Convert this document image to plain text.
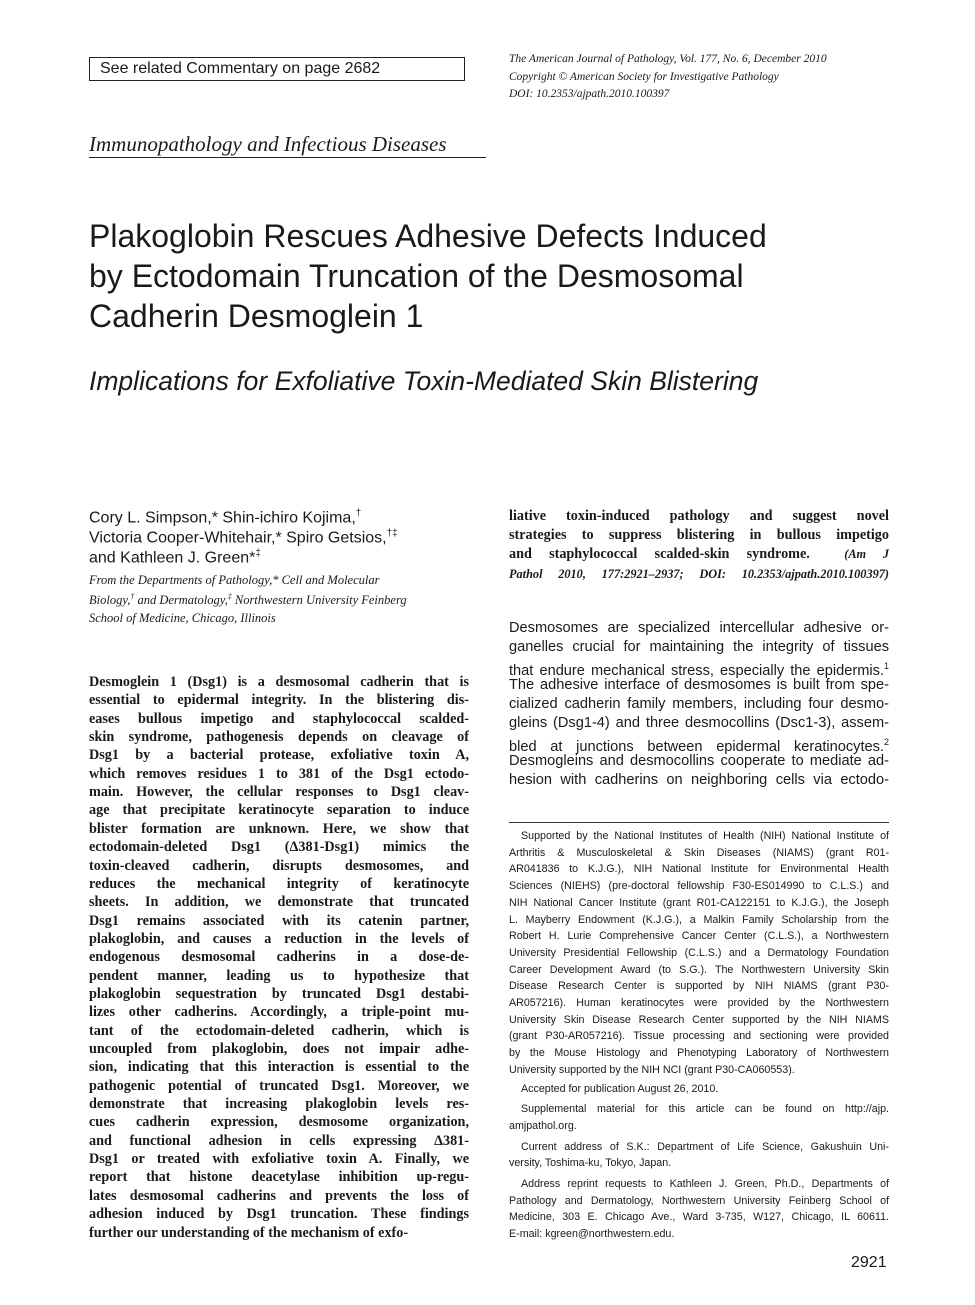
See related Commentary on page 2682
The American Journal of Pathology, Vol. 177, No. 6, December 2010
Copyright © American Society for Investigative Pathology
DOI: 10.2353/ajpath.2010.100397
Immunopathology and Infectious Diseases
Plakoglobin Rescues Adhesive Defects Induced
by Ectodomain Truncation of the Desmosomal
Cadherin Desmoglein 1
Implications for Exfoliative Toxin-Mediated Skin Blistering
Cory L. Simpson,* Shin-ichiro Kojima,†
Victoria Cooper-Whitehair,* Spiro Getsios,†‡
and Kathleen J. Green*‡
From the Departments of Pathology,* Cell and Molecular
Biology,† and Dermatology,‡ Northwestern University Feinberg
School of Medicine, Chicago, Illinois
Desmoglein 1 (Dsg1) is a desmosomal cadherin that is
essential to epidermal integrity. In the blistering dis-
eases bullous impetigo and staphylococcal scalded-
skin syndrome, pathogenesis depends on cleavage of
Dsg1 by a bacterial protease, exfoliative toxin A,
which removes residues 1 to 381 of the Dsg1 ectodo-
main. However, the cellular responses to Dsg1 cleav-
age that precipitate keratinocyte separation to induce
blister formation are unknown. Here, we show that
ectodomain-deleted Dsg1 (Δ381-Dsg1) mimics the
toxin-cleaved cadherin, disrupts desmosomes, and
reduces the mechanical integrity of keratinocyte
sheets. In addition, we demonstrate that truncated
Dsg1 remains associated with its catenin partner,
plakoglobin, and causes a reduction in the levels of
endogenous desmosomal cadherins in a dose-de-
pendent manner, leading us to hypothesize that
plakoglobin sequestration by truncated Dsg1 destabi-
lizes other cadherins. Accordingly, a triple-point mu-
tant of the ectodomain-deleted cadherin, which is
uncoupled from plakoglobin, does not impair adhe-
sion, indicating that this interaction is essential to the
pathogenic potential of truncated Dsg1. Moreover, we
demonstrate that increasing plakoglobin levels res-
cues cadherin expression, desmosome organization,
and functional adhesion in cells expressing Δ381-
Dsg1 or treated with exfoliative toxin A. Finally, we
report that histone deacetylase inhibition up-regu-
lates desmosomal cadherins and prevents the loss of
adhesion induced by Dsg1 truncation. These findings
further our understanding of the mechanism of exfo-
liative toxin-induced pathology and suggest novel
strategies to suppress blistering in bullous impetigo
and staphylococcal scalded-skin syndrome.	(Am J
Pathol 2010, 177:2921–2937; DOI: 10.2353/ajpath.2010.100397)
Desmosomes are specialized intercellular adhesive or-
ganelles crucial for maintaining the integrity of tissues
that endure mechanical stress, especially the epidermis.$^1$
The adhesive interface of desmosomes is built from spe-
cialized cadherin family members, including four desmo-
gleins (Dsg1-4) and three desmocollins (Dsc1-3), assem-
bled at junctions between epidermal keratinocytes.$^2$
Desmogleins and desmocollins cooperate to mediate ad-
hesion with cadherins on neighboring cells via ectodo-
Supported by the National Institutes of Health (NIH) National Institute of
Arthritis & Musculoskeletal & Skin Diseases (NIAMS) (grant R01-
AR041836 to K.J.G.), NIH National Institute for Environmental Health
Sciences (NIEHS) (pre-doctoral fellowship F30-ES014990 to C.L.S.) and
NIH National Cancer Institute (grant R01-CA122151 to K.J.G.), the Joseph
L. Mayberry Endowment (K.J.G.), a Malkin Family Scholarship from the
Robert H. Lurie Comprehensive Cancer Center (C.L.S.), a Northwestern
University Presidential Fellowship (C.L.S.) and a Dermatology Foundation
Career Development Award (to S.G.). The Northwestern University Skin
Disease Research Center is supported by NIH NIAMS (grant P30-
AR057216). Human keratinocytes were provided by the Northwestern
University Skin Disease Research Center supported by the NIH NIAMS
(grant P30-AR057216). Tissue processing and sectioning were provided
by the Mouse Histology and Phenotyping Laboratory of Northwestern
University supported by the NIH NCI (grant P30-CA060553).
Accepted for publication August 26, 2010.
Supplemental material for this article can be found on http://ajp.
amjpathol.org.
Current address of S.K.: Department of Life Science, Gakushuin Uni-
versity, Toshima-ku, Tokyo, Japan.
Address reprint requests to Kathleen J. Green, Ph.D., Departments of
Pathology and Dermatology, Northwestern University Feinberg School of
Medicine, 303 E. Chicago Ave., Ward 3-735, W127, Chicago, IL 60611.
E-mail: kgreen@northwestern.edu.
2921
